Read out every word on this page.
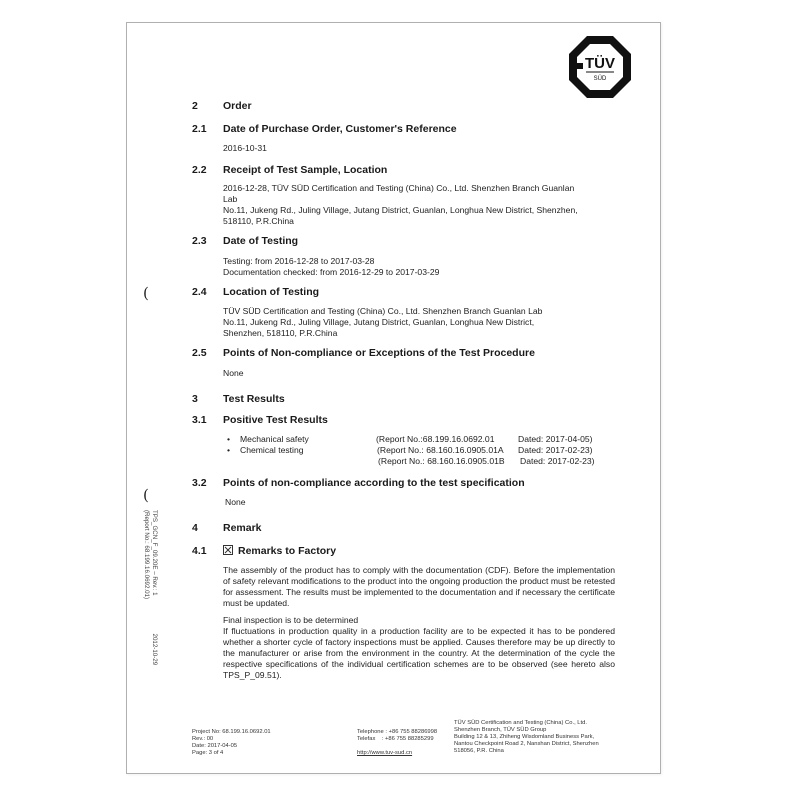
TÜV
SÜD
2 Order
2.1 Date of Purchase Order, Customer's Reference
2016-10-31
2.2 Receipt of Test Sample, Location
2016-12-28, TÜV SÜD Certification and Testing (China) Co., Ltd. Shenzhen Branch Guanlan
Lab
No.11, Jukeng Rd., Juling Village, Jutang District, Guanlan, Longhua New District, Shenzhen,
518110, P.R.China
2.3 Date of Testing
Testing: from 2016-12-28 to 2017-03-28
Documentation checked: from 2016-12-29 to 2017-03-29
(	2.4 Location of Testing
TÜV SÜD Certification and Testing (China) Co., Ltd. Shenzhen Branch Guanlan Lab
No.11, Jukeng Rd., Juling Village, Jutang District, Guanlan, Longhua New District,
Shenzhen, 518110, P.R.China
2.5 Points of Non-compliance or Exceptions of the Test Procedure
None
3 Test Results
3.1 Positive Test Results
• Mechanical safety	(Report No.:68.199.16.0692.01	Dated: 2017-04-05)
• Chemical testing	(Report No.: 68.160.16.0905.01A Dated: 2017-02-23)
(Report No.: 68.160.16.0905.01B Dated: 2017-02-23)
(
3.2 Points of non-compliance according to the test specification
None
4 Remark
4.1	Remarks to Factory
The assembly of the product has to comply with the documentation (CDF). Before the implementation of safety relevant modifications to the product into the ongoing production the product must be retested for assessment. The results must be implemented to the documentation and if necessary the certificate must be updated.
Final inspection is to be determined
If fluctuations in production quality in a production facility are to be expected it has to be pondered whether a shorter cycle of factory inspections must be applied. Causes therefore may be up directly to the manufacturer or arise from the environment in the country. At the determination of the cycle the respective specifications of the individual certification schemes are to be observed (see hereto also TPS_P_09.51).
TPS_GCN_F_09.20E – Rev.: 12012-10-29
(Report No.: 68.199.16.0692.01)
Project No: 68.199.16.0692.01
Rev.: 00
Date: 2017-04-05
Page: 3 of 4
Telephone : +86 755 88286998
Telefax    : +86 755 88285299
http://www.tuv-sud.cn
TÜV SÜD Certification and Testing (China) Co., Ltd.
Shenzhen Branch, TÜV SÜD Group
Building 12 & 13, Zhiheng Wisdomland Business Park,
Nantou Checkpoint Road 2, Nanshan District, Shenzhen
518056, P.R. China
